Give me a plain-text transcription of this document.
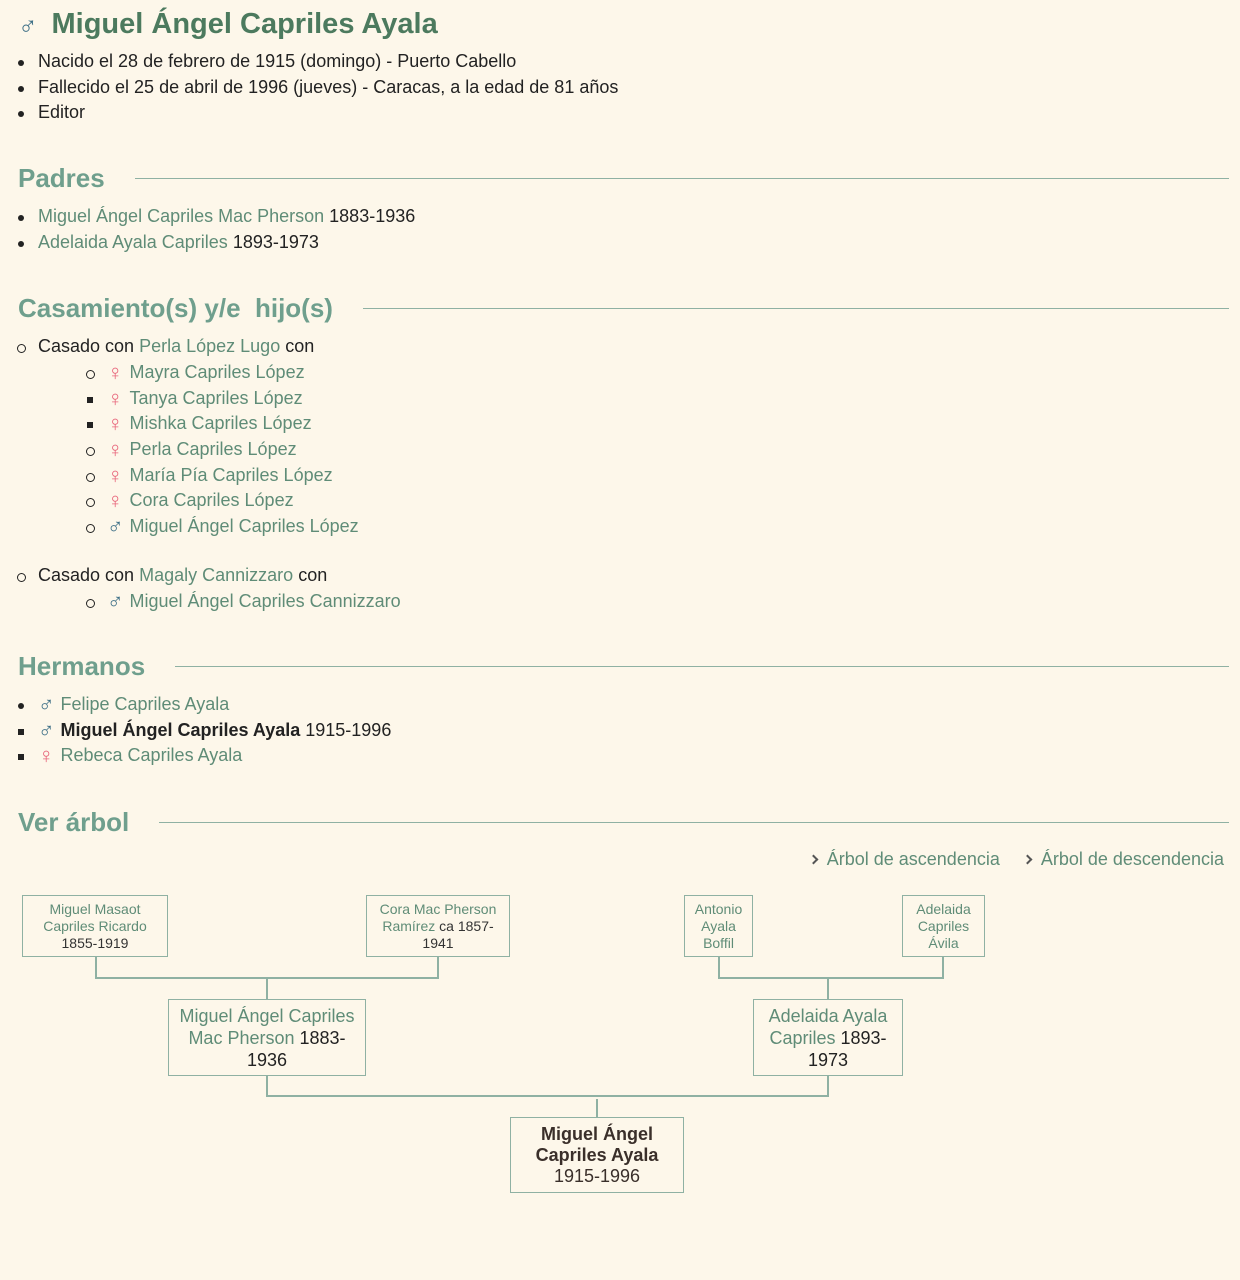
♂ Miguel Ángel Capriles Ayala
Nacido el 28 de febrero de 1915 (domingo) - Puerto Cabello
Fallecido el 25 de abril de 1996 (jueves) - Caracas, a la edad de 81 años
Editor
Padres
Miguel Ángel Capriles Mac Pherson 1883-1936
Adelaida Ayala Capriles 1893-1973
Casamiento(s) y/e  hijo(s)
Casado con Perla López Lugo con
♀ Mayra Capriles López
♀ Tanya Capriles López
♀ Mishka Capriles López
♀ Perla Capriles López
♀ María Pía Capriles López
♀ Cora Capriles López
♂ Miguel Ángel Capriles López
Casado con Magaly Cannizzaro con
♂ Miguel Ángel Capriles Cannizzaro
Hermanos
♂ Felipe Capriles Ayala
♂ Miguel Ángel Capriles Ayala 1915-1996
♀ Rebeca Capriles Ayala
Ver árbol
Árbol de ascendencia Árbol de descendencia
Miguel Masaot Capriles Ricardo
1855-1919
Cora Mac Pherson Ramírez ca 1857-1941
Antonio Ayala Boffil
Adelaida Capriles Ávila
Miguel Ángel Capriles Mac Pherson 1883-1936
Adelaida Ayala Capriles 1893-1973
Miguel Ángel Capriles Ayala
1915-1996
